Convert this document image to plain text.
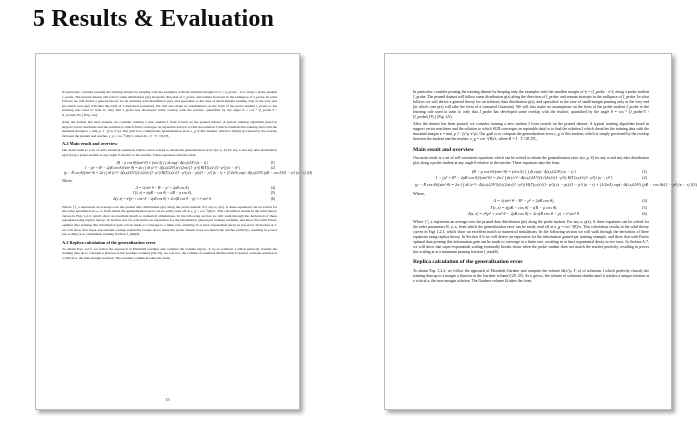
5 Results & Evaluation

In particular, consider pruning the training dataset by keeping only the examples with the smallest margin |x^τ| = |J_probe · x^τ| along a probe student J_probe. The pruned dataset will follow some distribution p(z) along the direction of J_probe, and remain isotropic in the nullspace of J_probe. In what follows we will derive a general theory for an arbitrary data distribution p(z), and specialize to the case of small-margin pruning only at the very end (in which case p(z) will take the form of a truncated Gaussian). We will also make no assumptions on the form of the probe student J_probe or the learning rule used to train it; only that J_probe has developed some overlap with the teacher, quantified by the angle θ = cos⁻¹ (J_probe·T / ‖J_probe‖₂‖T‖₂) (Fig. 2A).

After the dataset has been pruned, we consider training a new student J from scratch on the pruned dataset. A typical training algorithm (used in support vector machines and the solution to which SGD converges on separable data) is to find the solution J which classifies the training data with the maximal margin κ = min_μ J · (y^μ x^μ). Our goal is to compute the generalization error ε_g of this student, which is simply governed by the overlap between the student and teacher, ε_g = cos⁻¹(R)/π, where R = J · T / ‖J‖₂‖T‖₂.

A.2 Main result and overview

Our main result is a set of self-consistent equations which can be solved to obtain the generalization error ε(α, p, θ) for any α and any data distribution p(z) along a probe student at any angle θ relative to the teacher. These equations take the form,

(R − ρ cos θ)/(sin² θ) = (α/π Λ) ⟨ ∫ dt exp(−Δ(t,z)/2Λ²) (κ − t) ⟩	(1)
1 − (ρ² + R² − 2ρR cos θ)/(sin² θ) = 2α ⟨ ∫ dt (e^{−Δ(t,z)/2Λ²})/(√(2π)√(1−ρ²)) H(Γ(t,z)/√(1−ρ²)) (κ − t)² ⟩	(2)
(ρ − R cos θ)/(sin² θ) = 2α ⟨ ∫ dt (e^{−Δ(t,z)/2Λ²})/(√(2π)√(1−ρ²)) H(Γ(t,z)/√(1−ρ²)) (z − ρt)/(1 − ρ²) (κ − t) + (1/2πΛ) exp(−Δ(t,z)/2Λ²) (ρR − cos θ)/(1 − ρ²) (κ − t) ⟩ (3)
Where,
Λ = √(sin² θ − R² − ρ² + 2ρR cos θ),	(4)
Γ(t, z) = z(ρR − cos θ) − t(R − ρ cos θ),	(5)
Δ(t, z) = z²(ρ² + cos² θ − 2ρR cos θ) + 2t z(R cos θ − ρ) + t² sin² θ.	(6)

Where ⟨·⟩_z represents an average over the pruned data distribution p(z) along the probe student. For any α, p(z), θ, these equations can be solved for the order parameters R, ρ, κ, from which the generalization error can be easily read off as ε_g = cos⁻¹(R)/π. This calculation results in the solid theory curves in Figs 1,2,3, which show an excellent match to numerical simulations. In the following section we will walk through the derivation of these equations using replica theory. In Section A.6 we will derive an expression for the information gained per training example, and show that with Pareto optimal data pruning this information gain can be made to converge to a finite rate, resulting in at least exponential decay in test error. In Section A.7, we will show that super-exponential scaling eventually breaks down when the probe student does not match the teacher perfectly, resulting in power law scaling at at a minimum pruning fraction f_min(θ).

A.3 Replica calculation of the generalization error

To obtain Eqs. 1,2,3, we follow the approach of Elizabeth Gardner and compute the volume Ω(x^μ, T, κ) of solutions J which perfectly classify the training data up to a margin κ (known as the Gardner volume) [29, 25]. As κ grows, the volume of solutions shrinks until it reaches a unique solution at a critical κ, the max-margin solution. The Gardner volume Ω takes the form,

15

In particular, consider pruning the training dataset by keeping only the examples with the smallest margin |x^τ| = |J_probe · x^τ| along a probe student J_probe. The pruned dataset will follow some distribution p(z) along the direction of J_probe, and remain isotropic in the nullspace of J_probe. In what follows we will derive a general theory for an arbitrary data distribution p(z), and specialize to the case of small-margin pruning only at the very end (in which case p(z) will take the form of a truncated Gaussian). We will also make no assumptions on the form of the probe student J_probe or the learning rule used to train it; only that J_probe has developed some overlap with the teacher, quantified by the angle θ = cos⁻¹ (J_probe·T / ‖J_probe‖₂‖T‖₂) (Fig. 2A).

After the dataset has been pruned, we consider training a new student J from scratch on the pruned dataset. A typical training algorithm (used in support vector machines and the solution to which SGD converges on separable data) is to find the solution J which classifies the training data with the maximal margin κ = min_μ J · (y^μ x^μ). Our goal is to compute the generalization error ε_g of this student, which is simply governed by the overlap between the student and the teacher, ε_g = cos⁻¹(R)/π, where R = J · T / ‖J‖₂‖T‖₂.

Main result and overview

Our main result is a set of self-consistent equations which can be solved to obtain the generalization error ε(α, p, θ) for any α and any data distribution p(z) along a probe student at any angle θ relative to the teacher. These equations take the form,

(R − ρ cos θ)/(sin² θ) = (α/π Λ) ⟨ ∫ dt exp(−Δ(t,z)/2Λ²) (κ − t) ⟩	(1)
1 − (ρ² + R² − 2ρR cos θ)/(sin² θ) = 2α ⟨ ∫ dt (e^{−Δ(t,z)/2Λ²})/(√(2π)√(1−ρ²)) H(Γ(t,z)/√(1−ρ²)) (κ − t)² ⟩	(2)
(ρ − R cos θ)/(sin² θ) = 2α ⟨ ∫ dt (e^{−Δ(t,z)/2Λ²})/(√(2π)√(1−ρ²)) H(Γ(t,z)/√(1−ρ²)) (z − ρt)/(1 − ρ²) (κ − t) + (1/2πΛ) exp(−Δ(t,z)/2Λ²) (ρR − cos θ)/(1 − ρ²) (κ − t) ⟩ (3)
Where,
Λ = √(sin² θ − R² − ρ² + 2ρR cos θ),	(4)
Γ(t, z) = z(ρR − cos θ) − t(R − ρ cos θ),	(5)
Δ(t, z) = z²(ρ² + cos² θ − 2ρR cos θ) + 2t z(R cos θ − ρ) + t² sin² θ.	(6)

Where ⟨·⟩_z represents an average over the pruned data distribution p(z) along the probe student. For any α, p(z), θ, these equations can be solved for the order parameters R, ρ, κ, from which the generalization error can be easily read off as ε_g = cos⁻¹(R)/π. This calculation results in the solid theory curves in Figs 1,2,3, which show an excellent match to numerical simulations. In the following section we will walk through the derivation of these equations using replica theory. In Section A.6 we will derive an expression for the information gained per training example, and show that with Pareto optimal data pruning this information gain can be made to converge to a finite rate, resulting in at least exponential decay in test error. In Section A.7, we will show that super-exponential scaling eventually breaks down when the probe student does not match the teacher perfectly, resulting in power law scaling at at a minimum pruning fraction f_min(θ).

Replica calculation of the generalization error

To obtain Eqs. 1,2,3, we follow the approach of Elizabeth Gardner and compute the volume Ω(x^μ, T, κ) of solutions J which perfectly classify the training data up to a margin κ (known as the Gardner volume) [29, 25]. As κ grows, the volume of solutions shrinks until it reaches a unique solution at a critical κ, the max-margin solution. The Gardner volume Ω takes the form,
